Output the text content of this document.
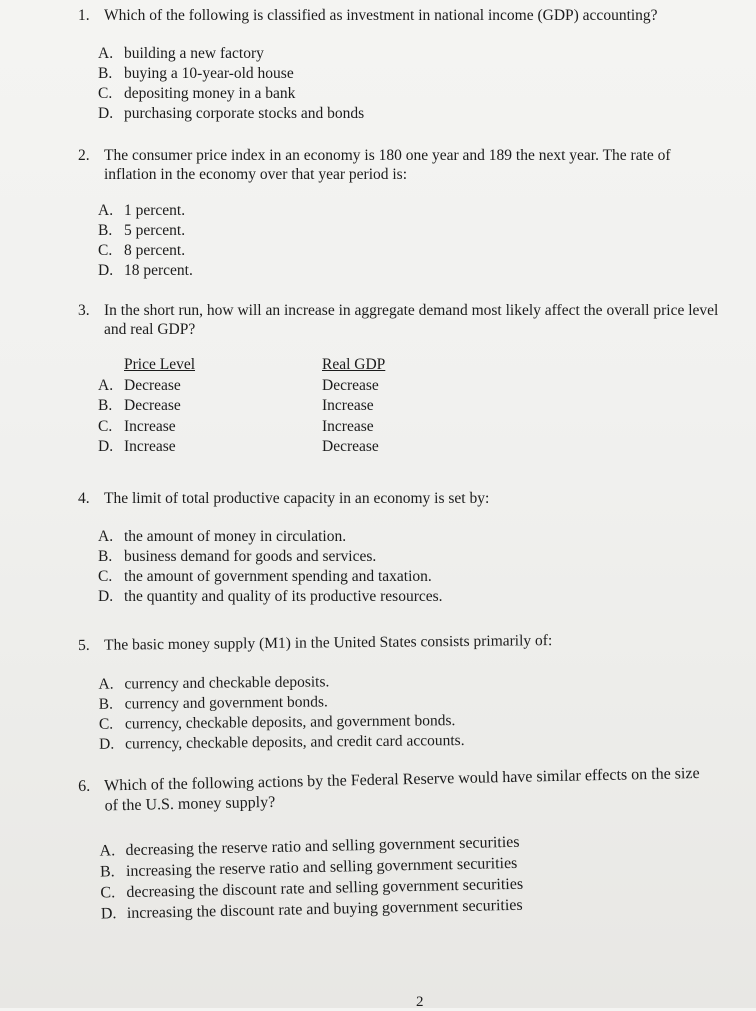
1. Which of the following is classified as investment in national income (GDP) accounting?
A. building a new factory
B. buying a 10-year-old house
C. depositing money in a bank
D. purchasing corporate stocks and bonds
2. The consumer price index in an economy is 180 one year and 189 the next year. The rate of inflation in the economy over that year period is:
A. 1 percent.
B. 5 percent.
C. 8 percent.
D. 18 percent.
3. In the short run, how will an increase in aggregate demand most likely affect the overall price level and real GDP?
Price Level	Real GDP
A. Decrease	Decrease
B. Decrease	Increase
C. Increase	Increase
D. Increase	Decrease
4. The limit of total productive capacity in an economy is set by:
A. the amount of money in circulation.
B. business demand for goods and services.
C. the amount of government spending and taxation.
D. the quantity and quality of its productive resources.
5. The basic money supply (M1) in the United States consists primarily of:
A. currency and checkable deposits.
B. currency and government bonds.
C. currency, checkable deposits, and government bonds.
D. currency, checkable deposits, and credit card accounts.
6. Which of the following actions by the Federal Reserve would have similar effects on the size of the U.S. money supply?
A. decreasing the reserve ratio and selling government securities
B. increasing the reserve ratio and selling government securities
C. decreasing the discount rate and selling government securities
D. increasing the discount rate and buying government securities
2
